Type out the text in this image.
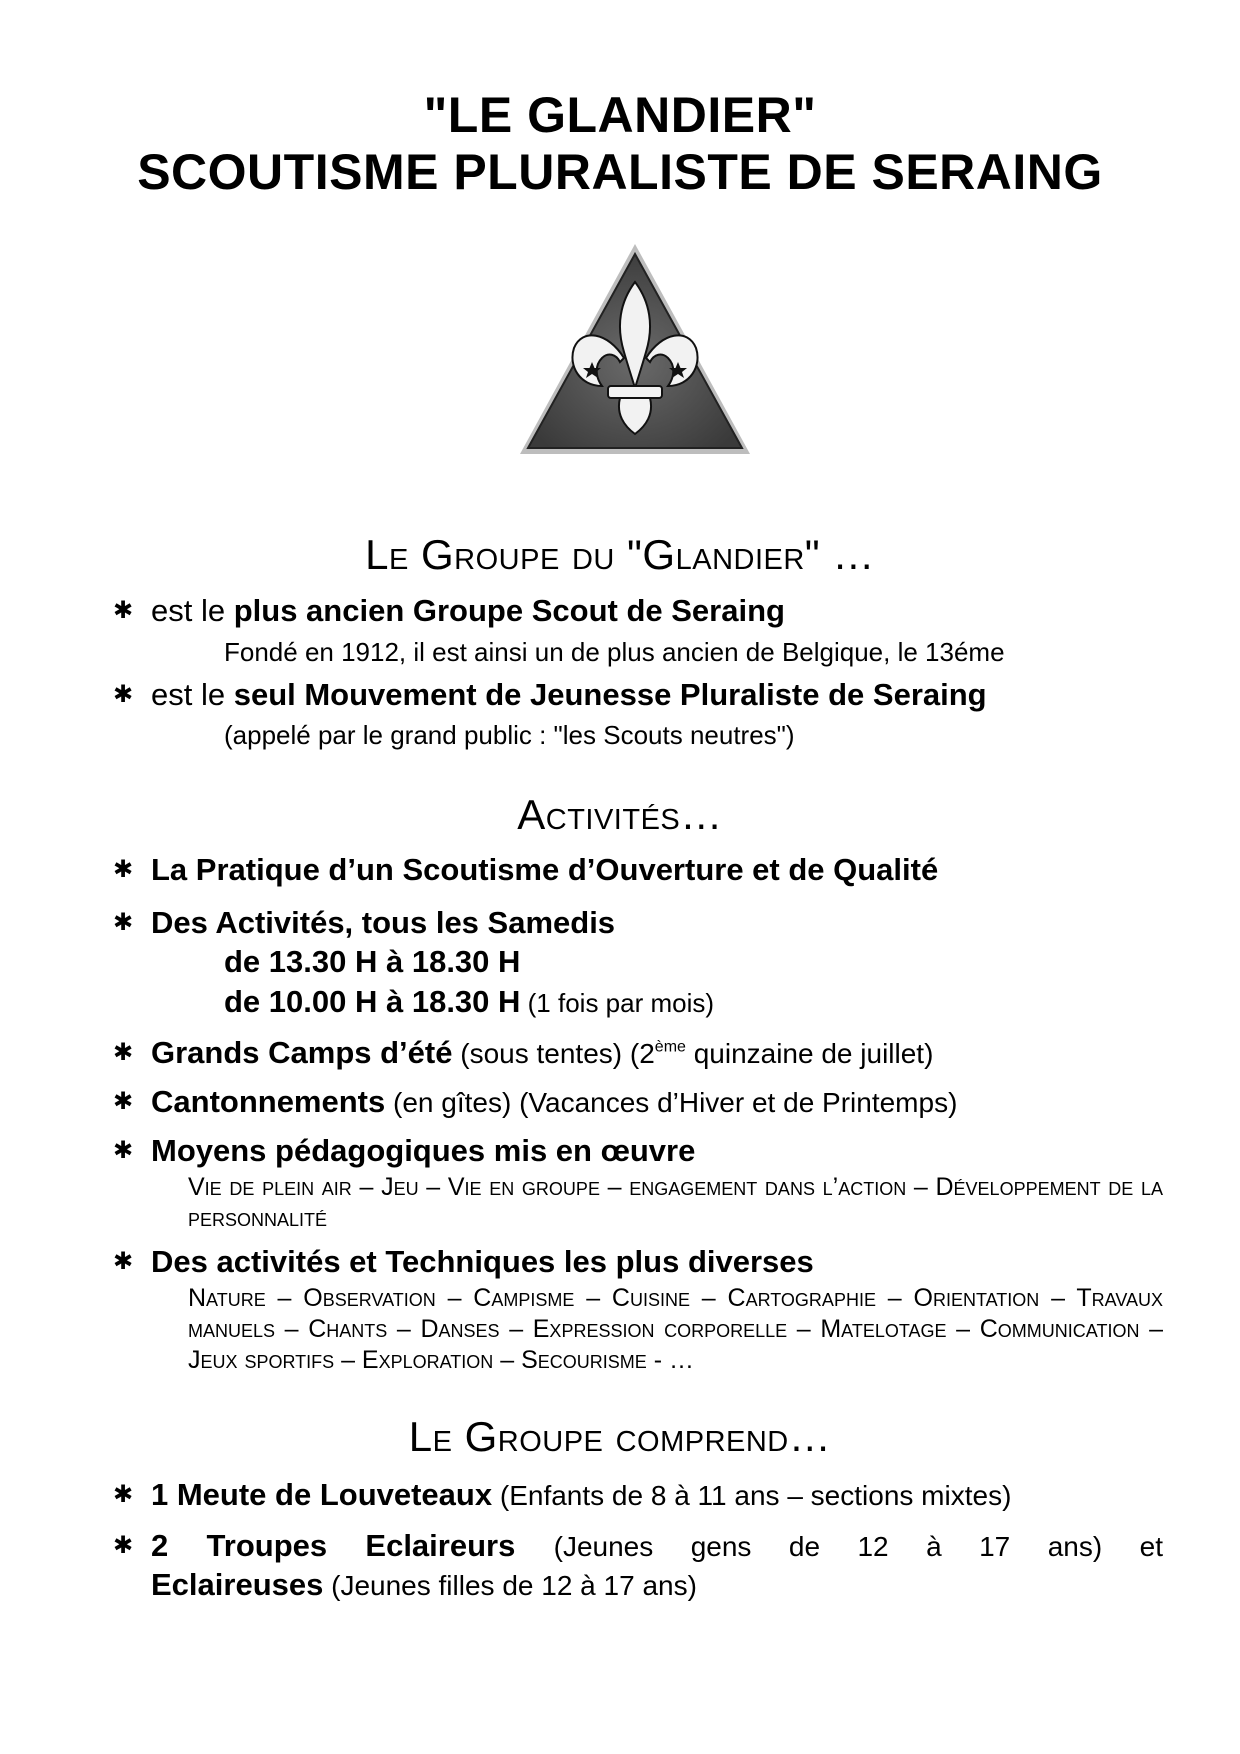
"LE GLANDIER"
SCOUTISME PLURALISTE DE SERAING
Le Groupe du "Glandier" …
✱ est le plus ancien Groupe Scout de Seraing
Fondé en 1912, il est ainsi un de plus ancien de Belgique, le 13éme
✱ est le seul Mouvement de Jeunesse Pluraliste de Seraing
(appelé par le grand public : "les Scouts neutres")
Activités…
✱ La Pratique d’un Scoutisme d’Ouverture et de Qualité
✱ Des Activités, tous les Samedis
de 13.30 H à 18.30 H
de 10.00 H à 18.30 H (1 fois par mois)
✱ Grands Camps d’été (sous tentes) (2ème quinzaine de juillet)
✱ Cantonnements (en gîtes) (Vacances d’Hiver et de Printemps)
✱ Moyens pédagogiques mis en œuvre
Vie de plein air – Jeu – Vie en groupe – engagement dans l’action – Développement de la personnalité
✱ Des activités et Techniques les plus diverses
Nature – Observation – Campisme – Cuisine – Cartographie – Orientation – Travaux manuels – Chants – Danses – Expression corporelle – Matelotage – Communication – Jeux sportifs – Exploration – Secourisme - …
Le Groupe comprend…
✱ 1 Meute de Louveteaux (Enfants de 8 à 11 ans – sections mixtes)
✱ 2 Troupes Eclaireurs (Jeunes gens de 12 à 17 ans) et
Eclaireuses (Jeunes filles de 12 à 17 ans)
